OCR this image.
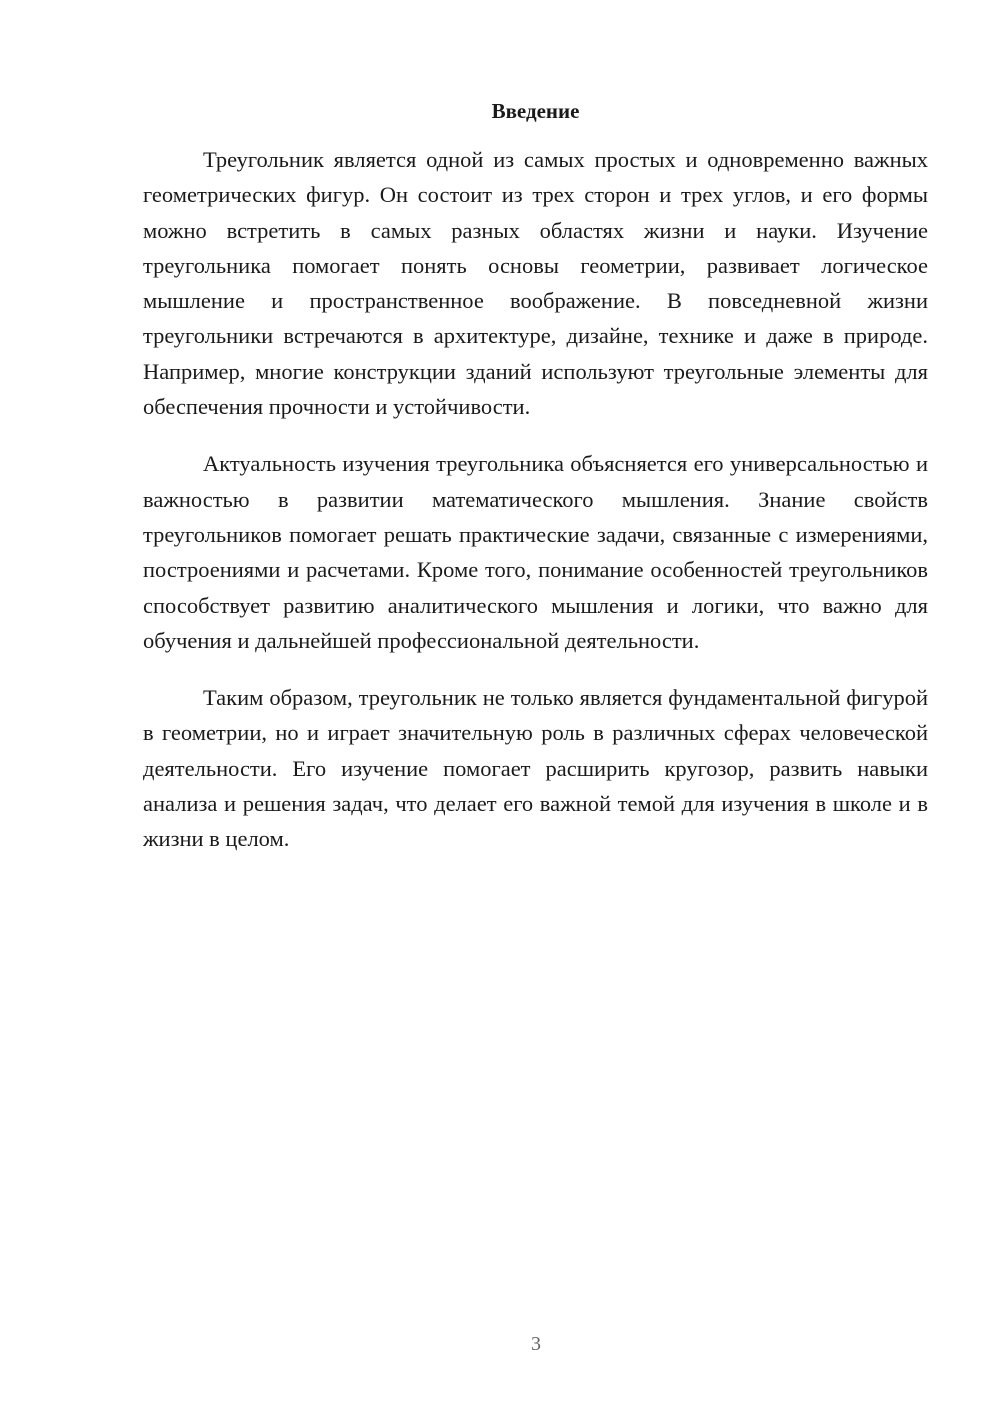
Введение

Треугольник является одной из самых простых и одновременно важных геометрических фигур. Он состоит из трех сторон и трех углов, и его формы можно встретить в самых разных областях жизни и науки. Изучение треугольника помогает понять основы геометрии, развивает логическое мышление и пространственное воображение. В повседневной жизни треугольники встречаются в архитектуре, дизайне, технике и даже в природе. Например, многие конструкции зданий используют треугольные элементы для обеспечения прочности и устойчивости.

Актуальность изучения треугольника объясняется его универсальностью и важностью в развитии математического мышления. Знание свойств треугольников помогает решать практические задачи, связанные с измерениями, построениями и расчетами. Кроме того, понимание особенностей треугольников способствует развитию аналитического мышления и логики, что важно для обучения и дальнейшей профессиональной деятельности.

Таким образом, треугольник не только является фундаментальной фигурой в геометрии, но и играет значительную роль в различных сферах человеческой деятельности. Его изучение помогает расширить кругозор, развить навыки анализа и решения задач, что делает его важной темой для изучения в школе и в жизни в целом.

3
